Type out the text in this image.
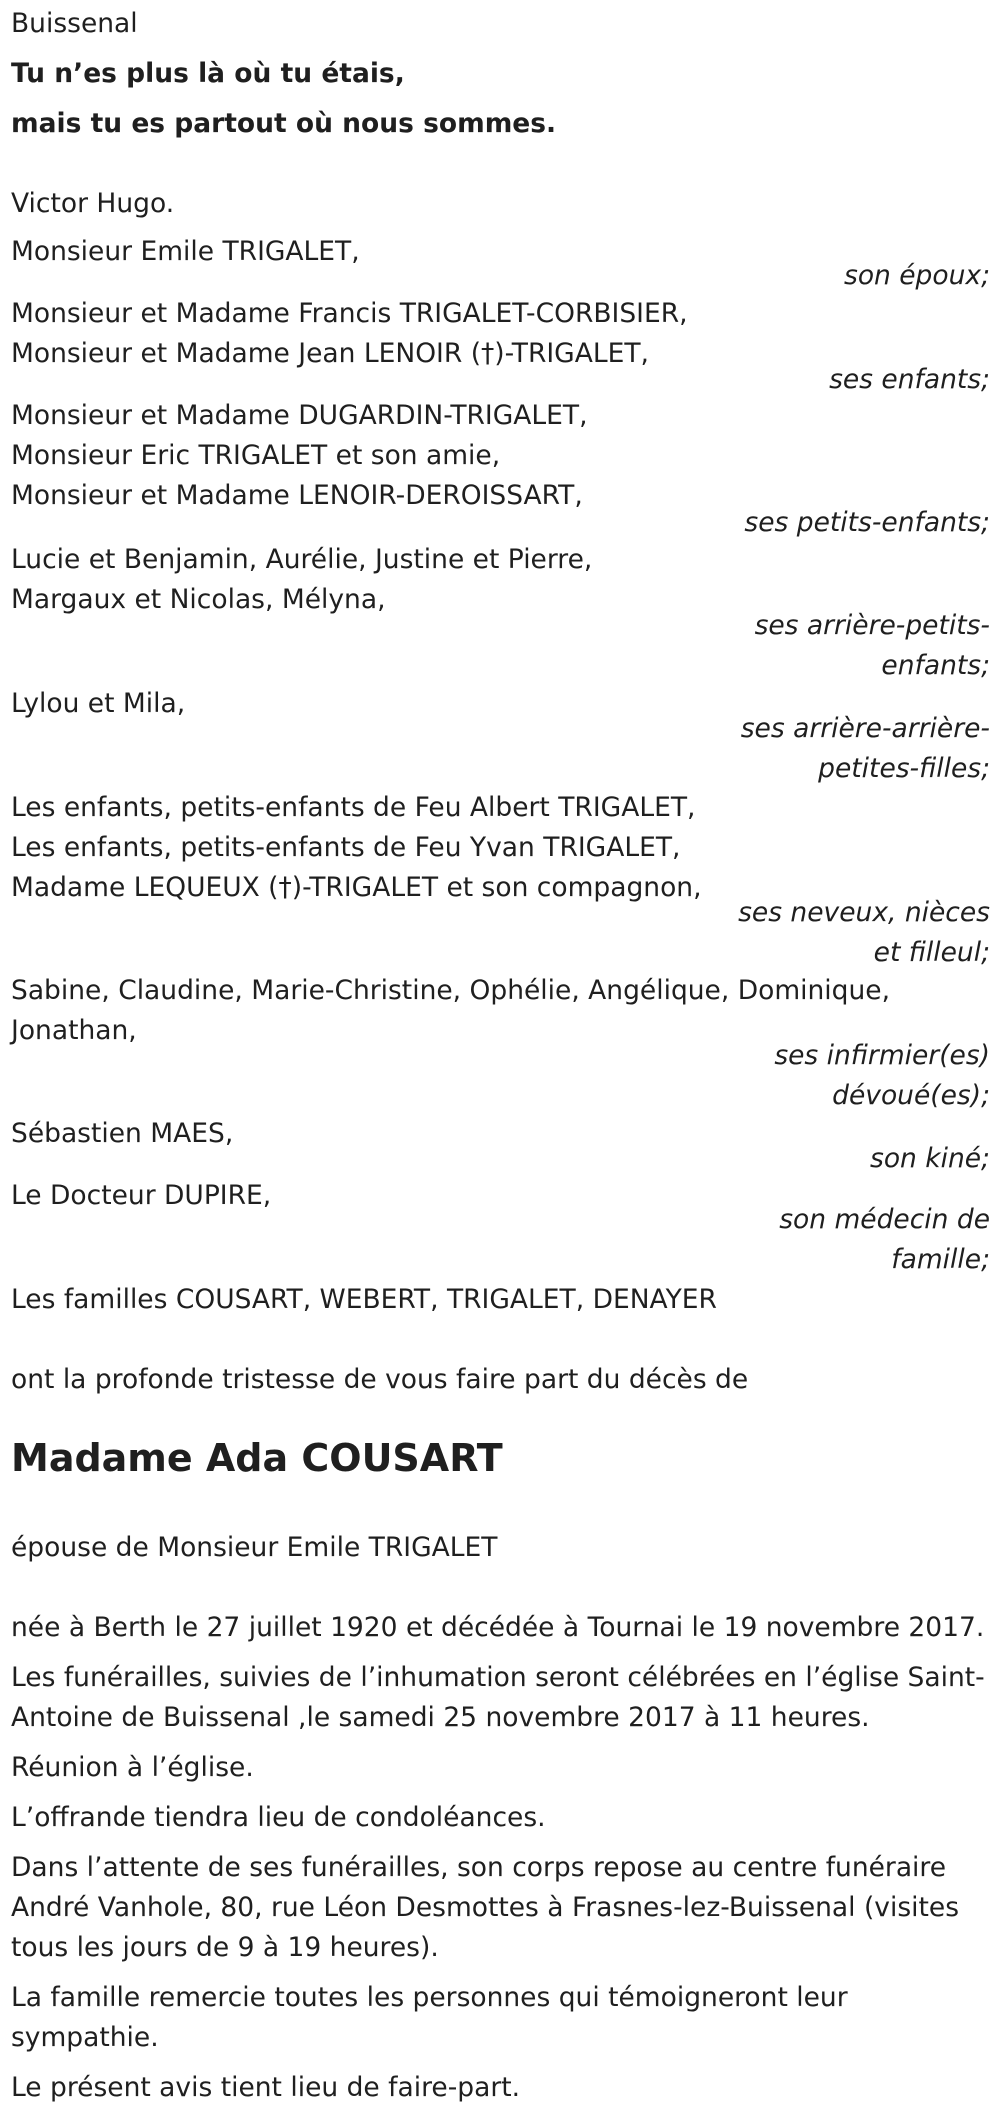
Buissenal
Tu n’es plus là où tu étais,
mais tu es partout où nous sommes.
Victor Hugo.
Monsieur Emile TRIGALET,
son époux;
Monsieur et Madame Francis TRIGALET-CORBISIER,
Monsieur et Madame Jean LENOIR (†)-TRIGALET,
ses enfants;
Monsieur et Madame DUGARDIN-TRIGALET,
Monsieur Eric TRIGALET et son amie,
Monsieur et Madame LENOIR-DEROISSART,
ses petits-enfants;
Lucie et Benjamin, Aurélie, Justine et Pierre,
Margaux et Nicolas, Mélyna,
ses arrière-petits-
enfants;
Lylou et Mila,
ses arrière-arrière-
petites-filles;
Les enfants, petits-enfants de Feu Albert TRIGALET,
Les enfants, petits-enfants de Feu Yvan TRIGALET,
Madame LEQUEUX (†)-TRIGALET et son compagnon,
ses neveux, nièces
et filleul;
Sabine, Claudine, Marie-Christine, Ophélie, Angélique, Dominique,
Jonathan,
ses infirmier(es)
dévoué(es);
Sébastien MAES,
son kiné;
Le Docteur DUPIRE,
son médecin de
famille;
Les familles COUSART, WEBERT, TRIGALET, DENAYER
ont la profonde tristesse de vous faire part du décès de
Madame Ada COUSART
épouse de Monsieur Emile TRIGALET
née à Berth le 27 juillet 1920 et décédée à Tournai le 19 novembre 2017.
Les funérailles, suivies de l’inhumation seront célébrées en l’église Saint-
Antoine de Buissenal ,le samedi 25 novembre 2017 à 11 heures.
Réunion à l’église.
L’offrande tiendra lieu de condoléances.
Dans l’attente de ses funérailles, son corps repose au centre funéraire
André Vanhole, 80, rue Léon Desmottes à Frasnes-lez-Buissenal (visites
tous les jours de 9 à 19 heures).
La famille remercie toutes les personnes qui témoigneront leur
sympathie.
Le présent avis tient lieu de faire-part.
